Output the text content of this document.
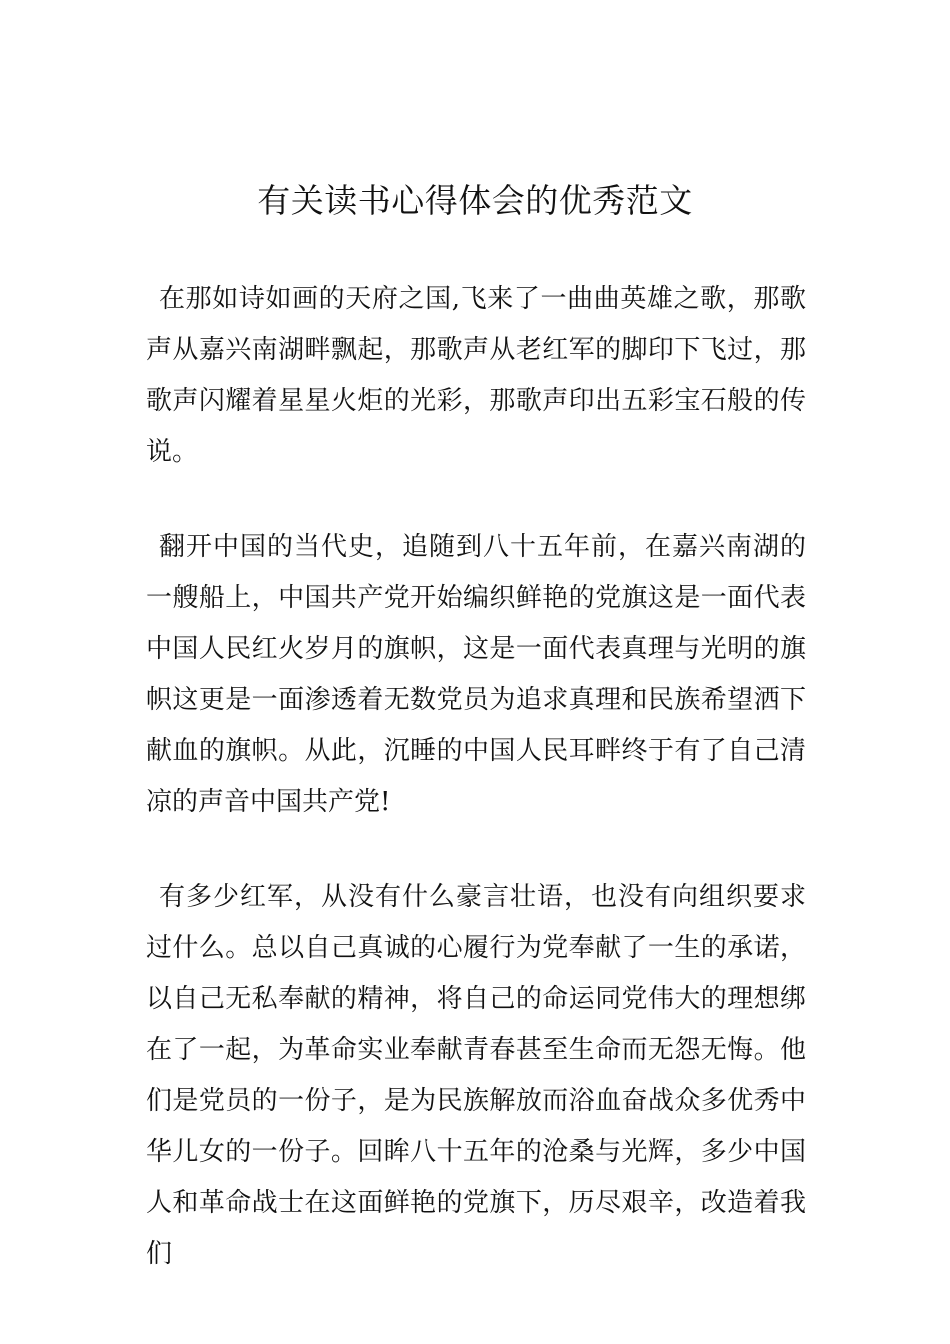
有关读书心得体会的优秀范文

在那如诗如画的天府之国,飞来了一曲曲英雄之歌，那歌声从嘉兴南湖畔飘起，那歌声从老红军的脚印下飞过，那歌声闪耀着星星火炬的光彩，那歌声印出五彩宝石般的传说。

翻开中国的当代史，追随到八十五年前，在嘉兴南湖的一艘船上，中国共产党开始编织鲜艳的党旗这是一面代表中国人民红火岁月的旗帜，这是一面代表真理与光明的旗帜这更是一面渗透着无数党员为追求真理和民族希望洒下献血的旗帜。从此，沉睡的中国人民耳畔终于有了自己清凉的声音中国共产党!

有多少红军，从没有什么豪言壮语，也没有向组织要求过什么。总以自己真诚的心履行为党奉献了一生的承诺，以自己无私奉献的精神，将自己的命运同党伟大的理想绑在了一起，为革命实业奉献青春甚至生命而无怨无悔。他们是党员的一份子，是为民族解放而浴血奋战众多优秀中华儿女的一份子。回眸八十五年的沧桑与光辉，多少中国人和革命战士在这面鲜艳的党旗下，历尽艰辛，改造着我们
